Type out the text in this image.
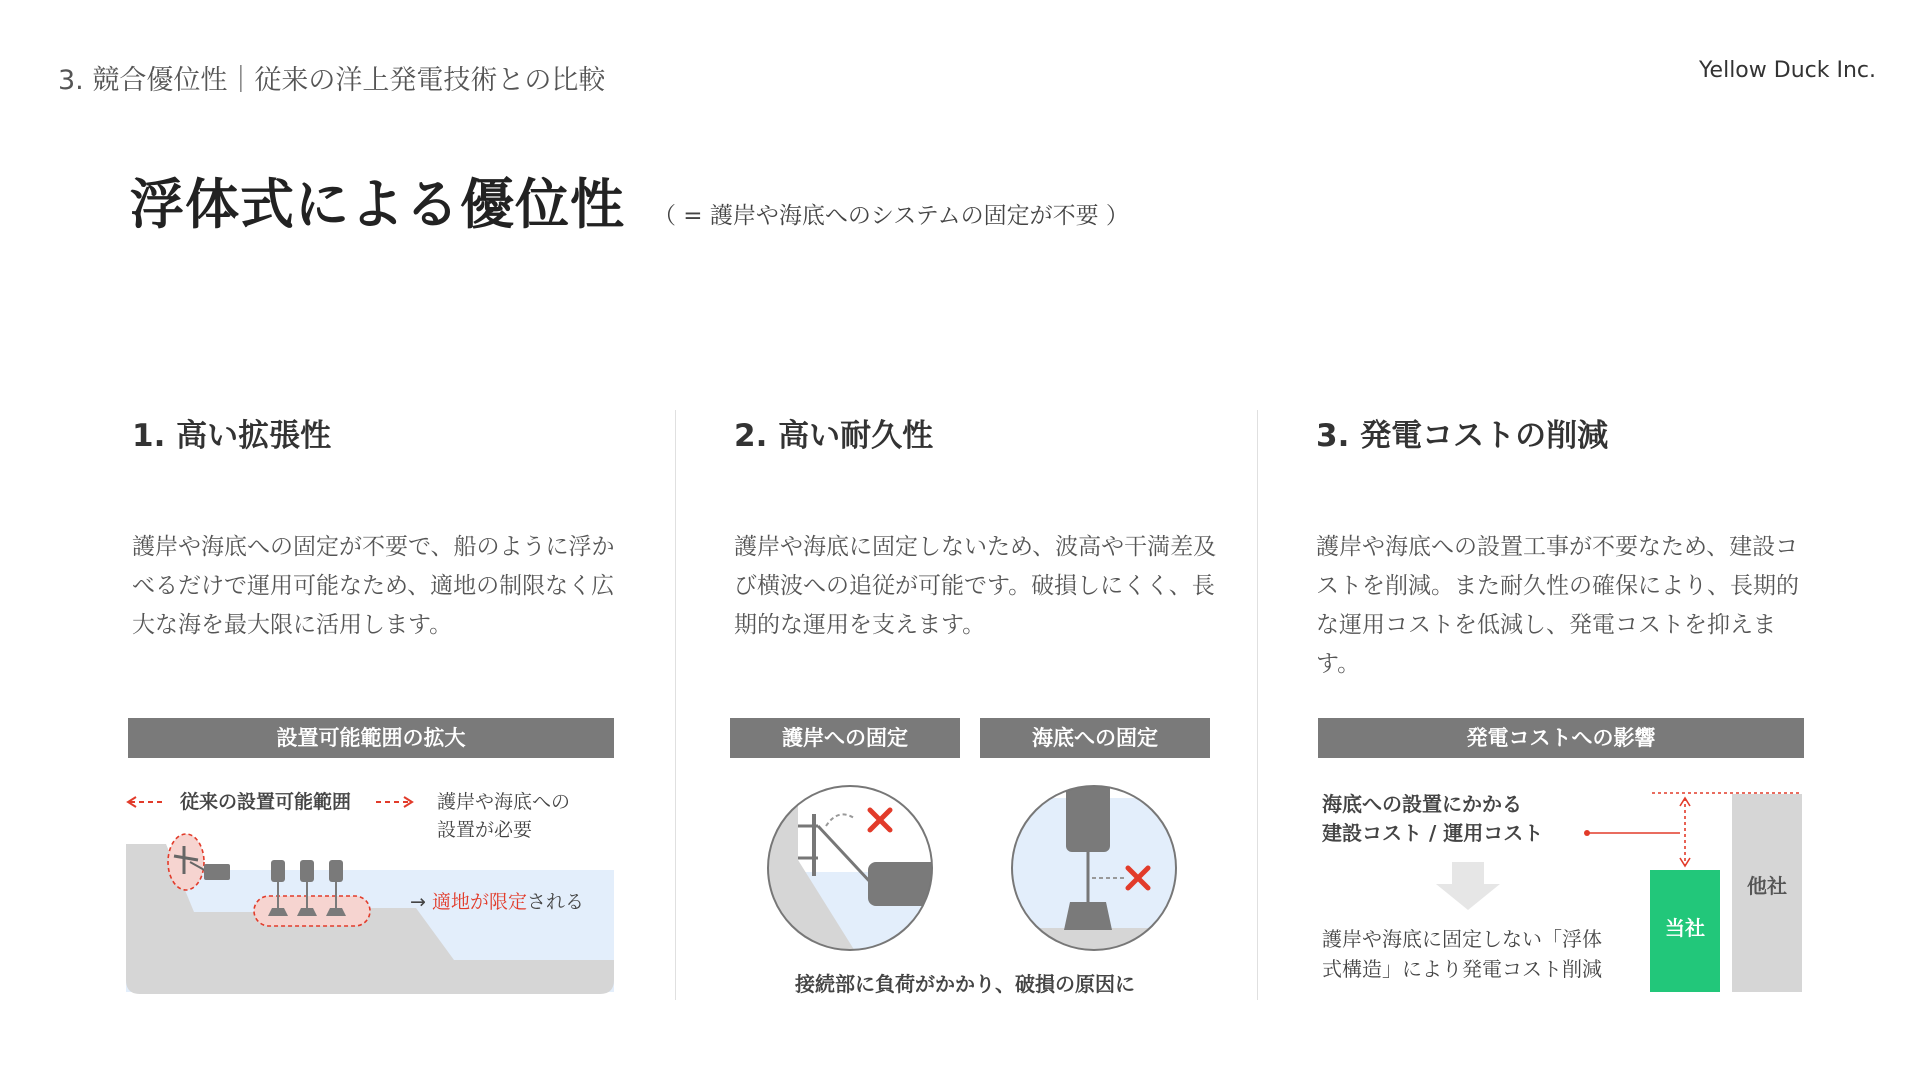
3. 競合優位性｜従来の洋上発電技術との比較	Yellow Duck Inc.
浮体式による優位性 （ = 護岸や海底へのシステムの固定が不要 ）
1. 高い拡張性
護岸や海底への固定が不要で、船のように浮かべるだけで運用可能なため、適地の制限なく広大な海を最大限に活用します。
設置可能範囲の拡大
従来の設置可能範囲	護岸や海底への
設置が必要
→ 適地が限定される
2. 高い耐久性
護岸や海底に固定しないため、波高や干満差及び横波への追従が可能です。破損しにくく、長期的な運用を支えます。
護岸への固定	海底への固定
接続部に負荷がかかり、破損の原因に
3. 発電コストの削減
護岸や海底への設置工事が不要なため、建設コストを削減。また耐久性の確保により、長期的な運用コストを低減し、発電コストを抑えます。
発電コストへの影響
海底への設置にかかる
建設コスト / 運用コスト
護岸や海底に固定しない「浮体
式構造」により発電コスト削減
当社
他社
